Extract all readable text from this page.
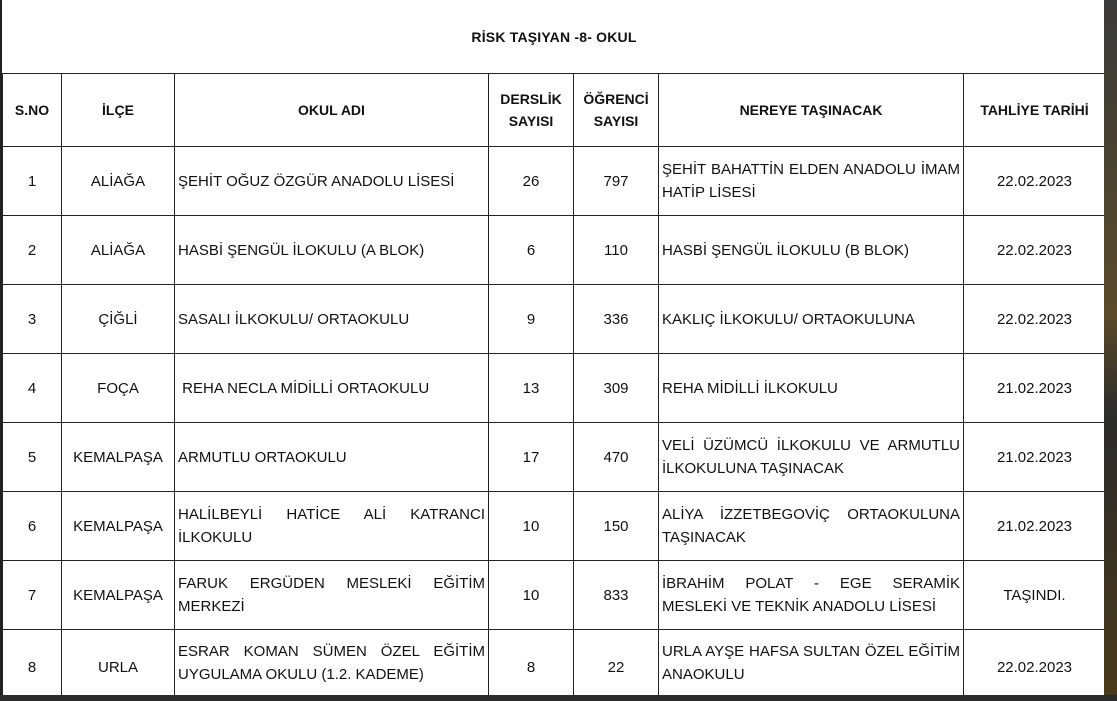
RİSK TAŞIYAN -8- OKUL
S.NO	İLÇE	OKUL ADI	DERSLİK SAYISI	ÖĞRENCİ SAYISI	NEREYE TAŞINACAK	TAHLİYE TARİHİ
1	ALİAĞA	ŞEHİT OĞUZ ÖZGÜR ANADOLU LİSESİ	26	797	ŞEHİT BAHATTİN ELDEN ANADOLU İMAM HATİP LİSESİ	22.02.2023
2	ALİAĞA	HASBİ ŞENGÜL İLOKULU (A BLOK)	6	110	HASBİ ŞENGÜL İLOKULU (B BLOK)	22.02.2023
3	ÇİĞLİ	SASALI İLKOKULU/ ORTAOKULU	9	336	KAKLIÇ İLKOKULU/ ORTAOKULUNA	22.02.2023
4	FOÇA	REHA NECLA MİDİLLİ ORTAOKULU	13	309	REHA MİDİLLİ İLKOKULU	21.02.2023
5	KEMALPAŞA	ARMUTLU ORTAOKULU	17	470	VELİ ÜZÜMCÜ İLKOKULU VE ARMUTLU İLKOKULUNA TAŞINACAK	21.02.2023
6	KEMALPAŞA	HALİLBEYLİ HATİCE ALİ KATRANCI İLKOKULU	10	150	ALİYA İZZETBEGOVİÇ ORTAOKULUNA TAŞINACAK	21.02.2023
7	KEMALPAŞA	FARUK ERGÜDEN MESLEKİ EĞİTİM MERKEZİ	10	833	İBRAHİM POLAT - EGE SERAMİK MESLEKİ VE TEKNİK ANADOLU LİSESİ	TAŞINDI.
8	URLA	ESRAR KOMAN SÜMEN ÖZEL EĞİTİM UYGULAMA OKULU (1.2. KADEME)	8	22	URLA AYŞE HAFSA SULTAN ÖZEL EĞİTİM ANAOKULU	22.02.2023
